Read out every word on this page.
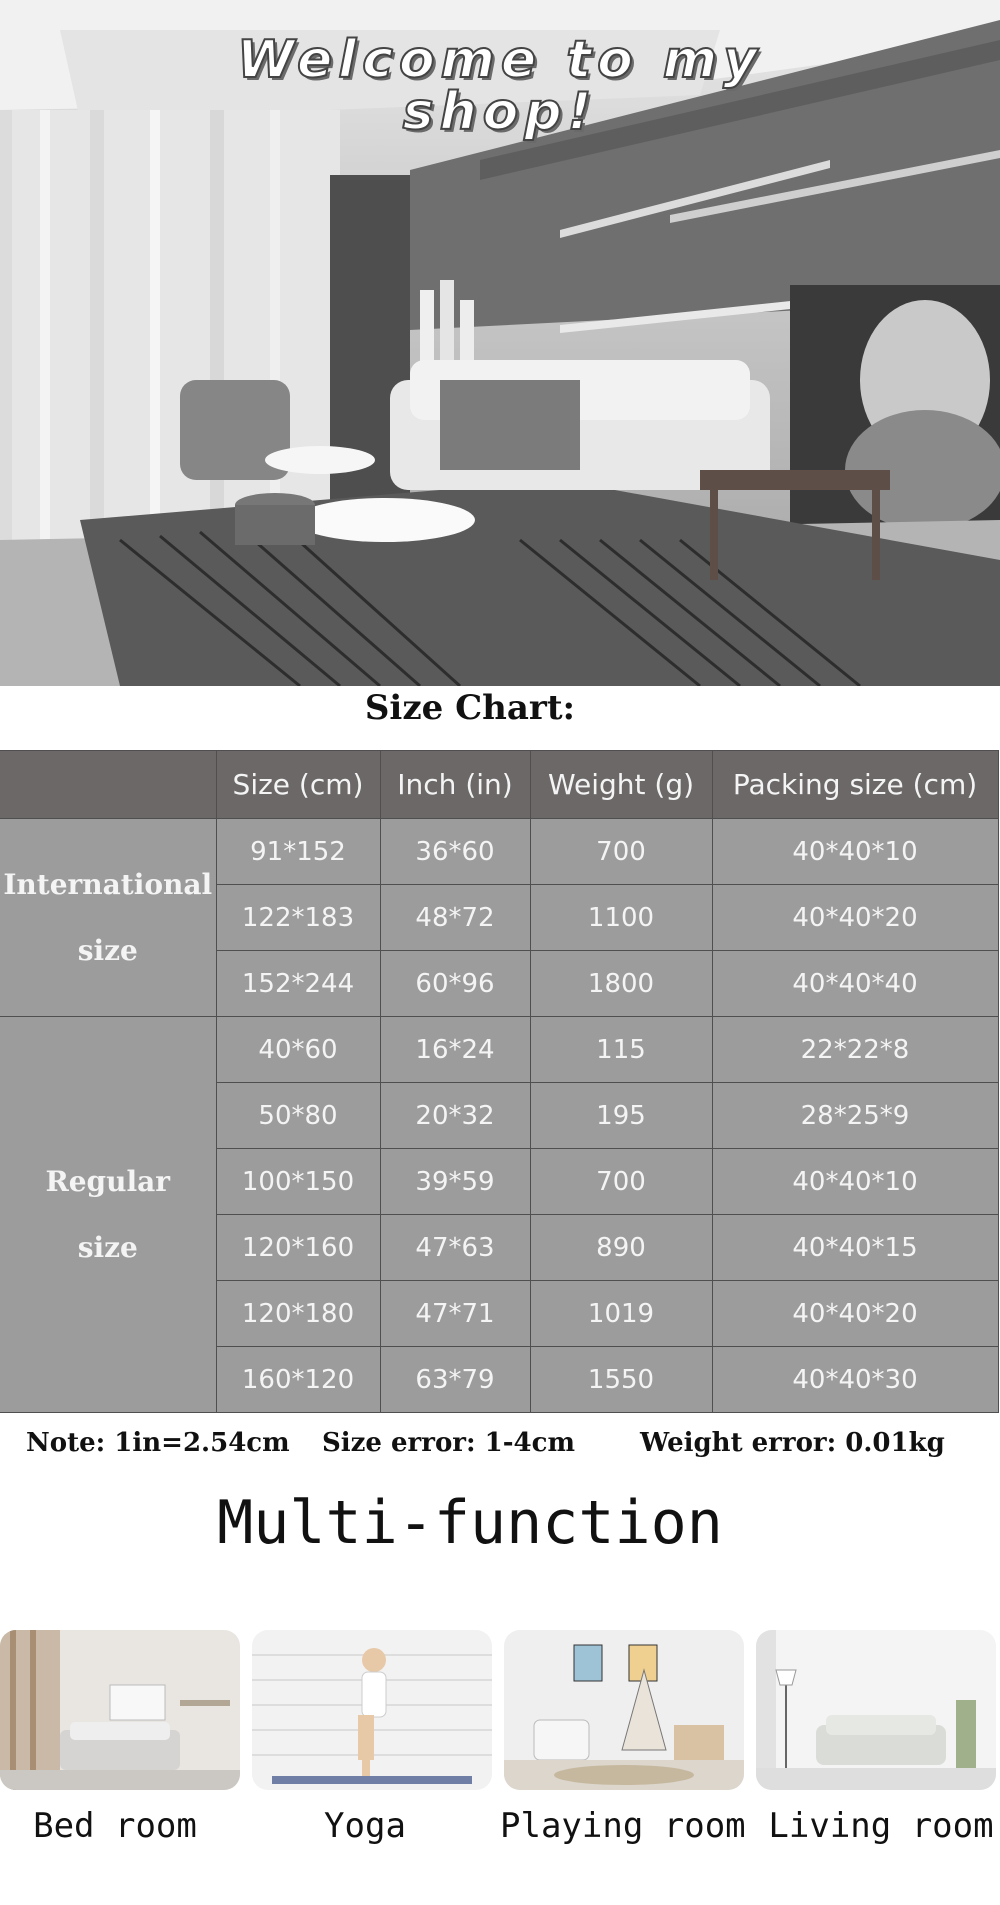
Welcome to my
shop!
Size Chart:
	Size (cm)	Inch (in)	Weight (g)	Packing size (cm)

International
size	91*152	36*60	700	40*40*10
	122*183	48*72	1100	40*40*20
	152*244	60*96	1800	40*40*40

Regular
size	40*60	16*24	115	22*22*8
	50*80	20*32	195	28*25*9
	100*150	39*59	700	40*40*10
	120*160	47*63	890	40*40*15
	120*180	47*71	1019	40*40*20
	160*120	63*79	1550	40*40*30
Note: 1in=2.54cm Size error: 1-4cm	Weight error: 0.01kg
Multi-function
Bed room	Yoga	Playing room Living room
